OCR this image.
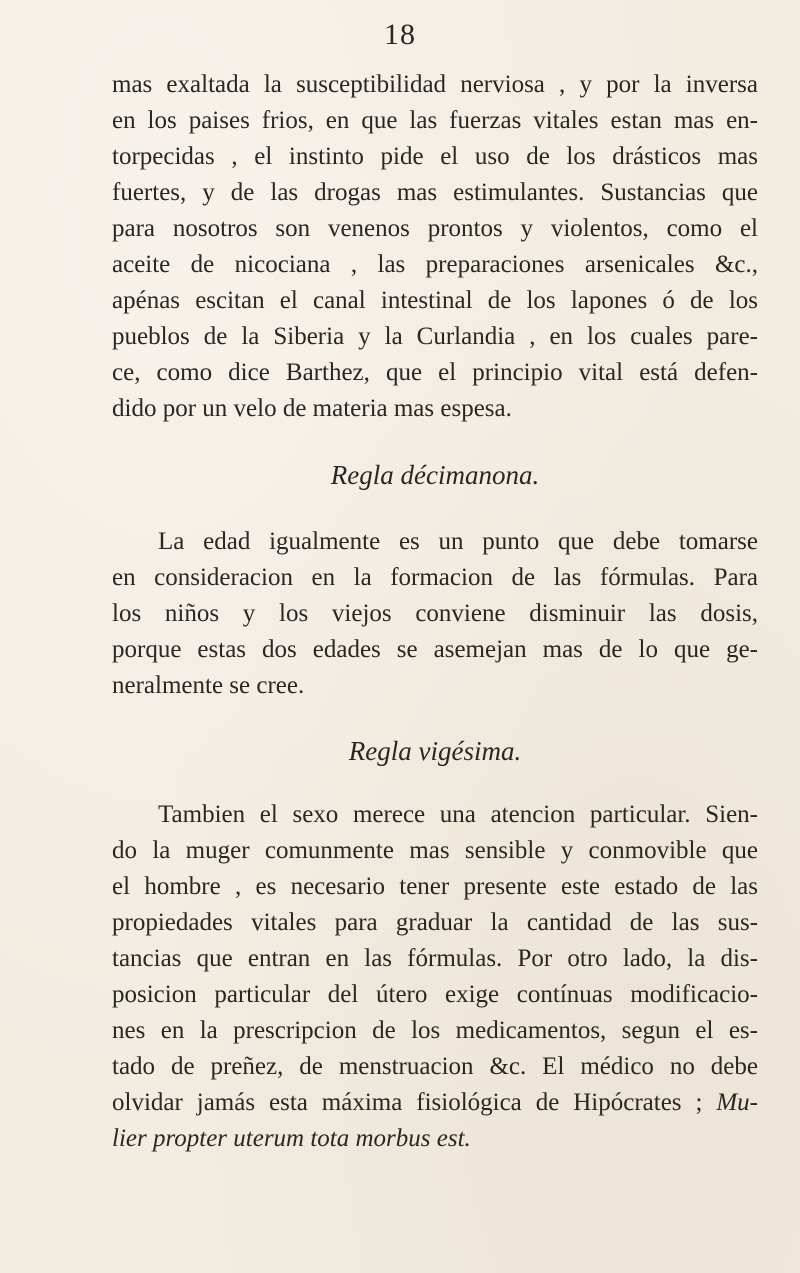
18
mas exaltada la susceptibilidad nerviosa , y por la inversa
en los paises frios, en que las fuerzas vitales estan mas en-
torpecidas , el instinto pide el uso de los drásticos mas
fuertes, y de las drogas mas estimulantes. Sustancias que
para nosotros son venenos prontos y violentos, como el
aceite de nicociana , las preparaciones arsenicales &c.,
apénas escitan el canal intestinal de los lapones ó de los
pueblos de la Siberia y la Curlandia , en los cuales pare-
ce, como dice Barthez, que el principio vital está defen-
dido por un velo de materia mas espesa.
Regla décimanona.
La edad igualmente es un punto que debe tomarse
en consideracion en la formacion de las fórmulas. Para
los niños y los viejos conviene disminuir las dosis,
porque estas dos edades se asemejan mas de lo que ge-
neralmente se cree.
Regla vigésima.
Tambien el sexo merece una atencion particular. Sien-
do la muger comunmente mas sensible y conmovible que
el hombre , es necesario tener presente este estado de las
propiedades vitales para graduar la cantidad de las sus-
tancias que entran en las fórmulas. Por otro lado, la dis-
posicion particular del útero exige contínuas modificacio-
nes en la prescripcion de los medicamentos, segun el es-
tado de preñez, de menstruacion &c. El médico no debe
olvidar jamás esta máxima fisiológica de Hipócrates ; Mu-
lier propter uterum tota morbus est.
